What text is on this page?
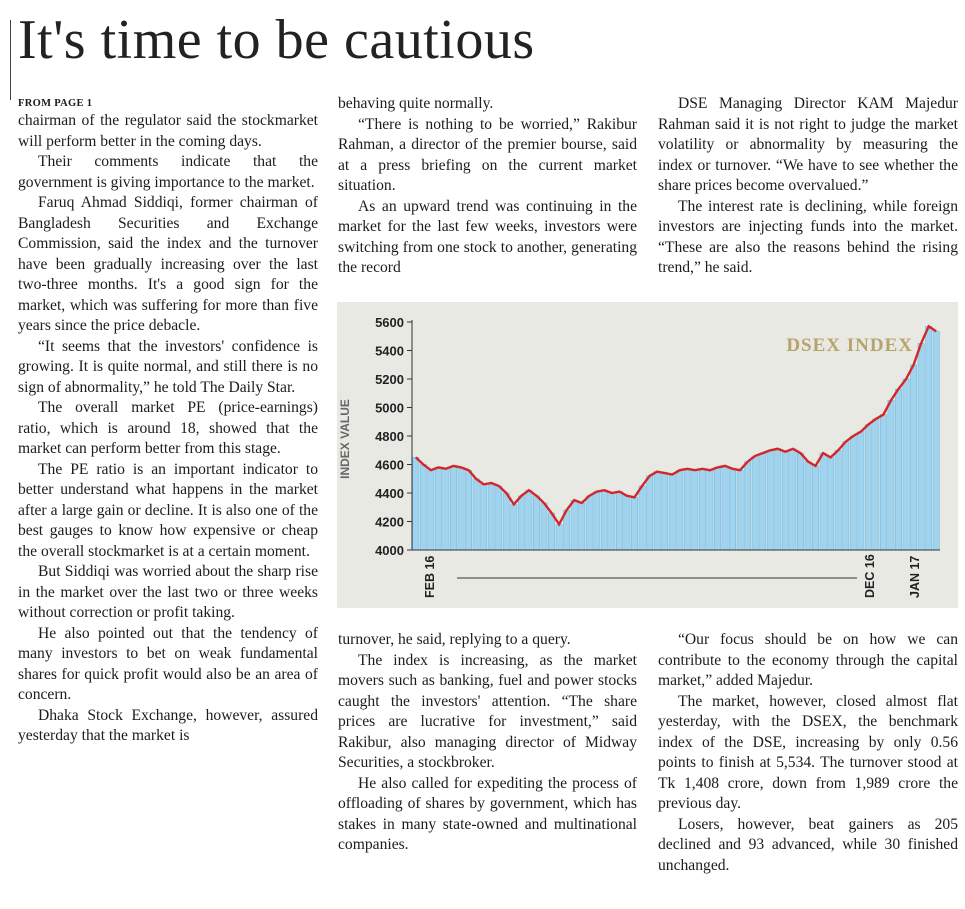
It's time to be cautious
FROM PAGE 1

chairman of the regulator said the stockmarket will perform better in the coming days.

Their comments indicate that the government is giving importance to the market.

Faruq Ahmad Siddiqi, former chairman of Bangladesh Securities and Exchange Commission, said the index and the turnover have been gradually increasing over the last two-three months. It's a good sign for the market, which was suffering for more than five years since the price debacle.

“It seems that the investors' confidence is growing. It is quite normal, and still there is no sign of abnormality,” he told The Daily Star.

The overall market PE (price-earnings) ratio, which is around 18, showed that the market can perform better from this stage.

The PE ratio is an important indicator to better understand what happens in the market after a large gain or decline. It is also one of the best gauges to know how expensive or cheap the overall stockmarket is at a certain moment.

But Siddiqi was worried about the sharp rise in the market over the last two or three weeks without correction or profit taking.

He also pointed out that the tendency of many investors to bet on weak fundamental shares for quick profit would also be an area of concern.

Dhaka Stock Exchange, however, assured yesterday that the market is

behaving quite normally.

“There is nothing to be worried,” Rakibur Rahman, a director of the premier bourse, said at a press briefing on the current market situation.

As an upward trend was continuing in the market for the last few weeks, investors were switching from one stock to another, generating the record

DSE Managing Director KAM Majedur Rahman said it is not right to judge the market volatility or abnormality by measuring the index or turnover. “We have to see whether the share prices become overvalued.”

The interest rate is declining, while foreign investors are injecting funds into the market. “These are also the reasons behind the rising trend,” he said.

DSEX INDEX
INDEX VALUE
4000
4200
4400
4600
4800
5000
5200
5400
5600
FEB 16	DEC 16 JAN 17

turnover, he said, replying to a query.

The index is increasing, as the market movers such as banking, fuel and power stocks caught the investors' attention. “The share prices are lucrative for investment,” said Rakibur, also managing director of Midway Securities, a stockbroker.

He also called for expediting the process of offloading of shares by government, which has stakes in many state-owned and multinational companies.

“Our focus should be on how we can contribute to the economy through the capital market,” added Majedur.

The market, however, closed almost flat yesterday, with the DSEX, the benchmark index of the DSE, increasing by only 0.56 points to finish at 5,534. The turnover stood at Tk 1,408 crore, down from 1,989 crore the previous day.

Losers, however, beat gainers as 205 declined and 93 advanced, while 30 finished unchanged.
